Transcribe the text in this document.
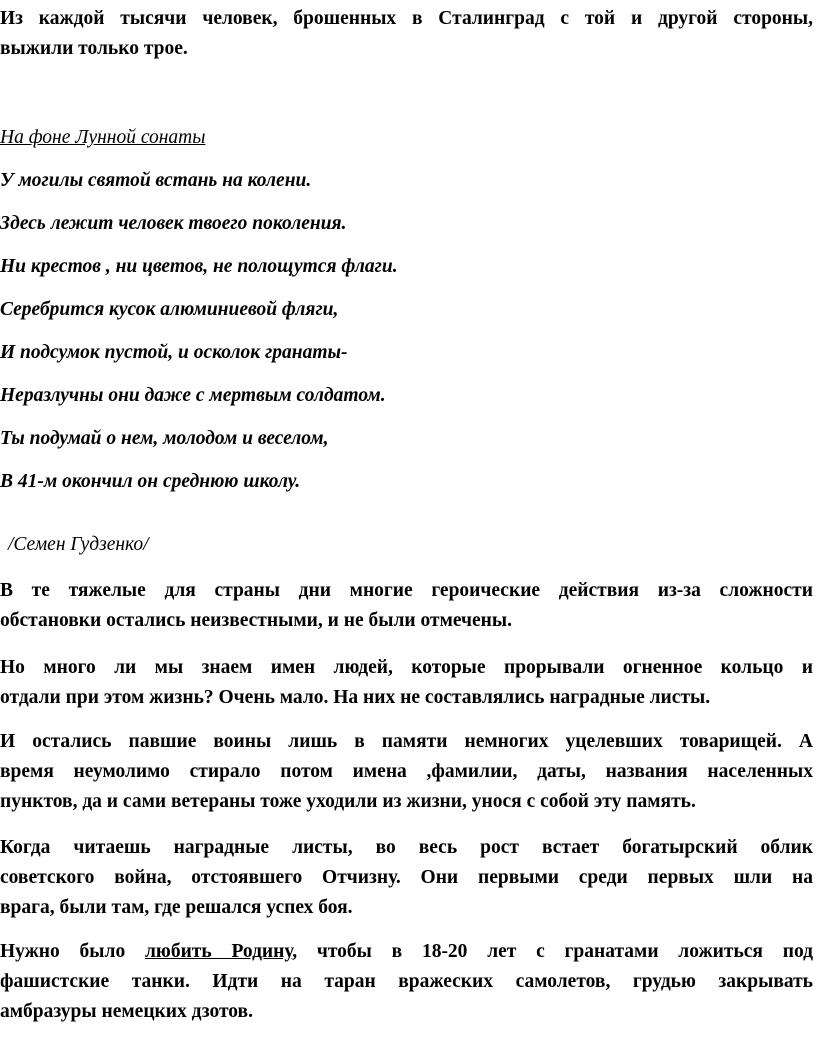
Из каждой тысячи человек, брошенных в Сталинград с той и другой стороны,

выжили только трое.

На фоне Лунной сонаты

У могилы святой встань на колени.

Здесь лежит человек твоего поколения.

Ни крестов , ни цветов, не полощутся флаги.

Серебрится кусок алюминиевой фляги,

И подсумок пустой, и осколок гранаты-

Неразлучны они даже с мертвым солдатом.

Ты подумай о нем, молодом и веселом,

В 41-м окончил он среднюю школу.

/Семен Гудзенко/

В те тяжелые для страны дни многие героические действия из-за сложности

обстановки остались неизвестными, и не были отмечены.

Но много ли мы знаем имен людей, которые прорывали огненное кольцо и

отдали при этом жизнь? Очень мало. На них не составлялись наградные листы.

И остались павшие воины лишь в памяти немногих уцелевших товарищей. А
время неумолимо стирало потом имена ,фамилии, даты, названия населенных

пунктов, да и сами ветераны тоже уходили из жизни, унося с собой эту память.

Когда читаешь наградные листы, во весь рост встает богатырский облик
советского война, отстоявшего Отчизну. Они первыми среди первых шли на

врага, были там, где решался успех боя.

Нужно было любить Родину, чтобы в 18-20 лет с гранатами ложиться под
фашистские танки. Идти на таран вражеских самолетов, грудью закрывать

амбразуры немецких дзотов.
